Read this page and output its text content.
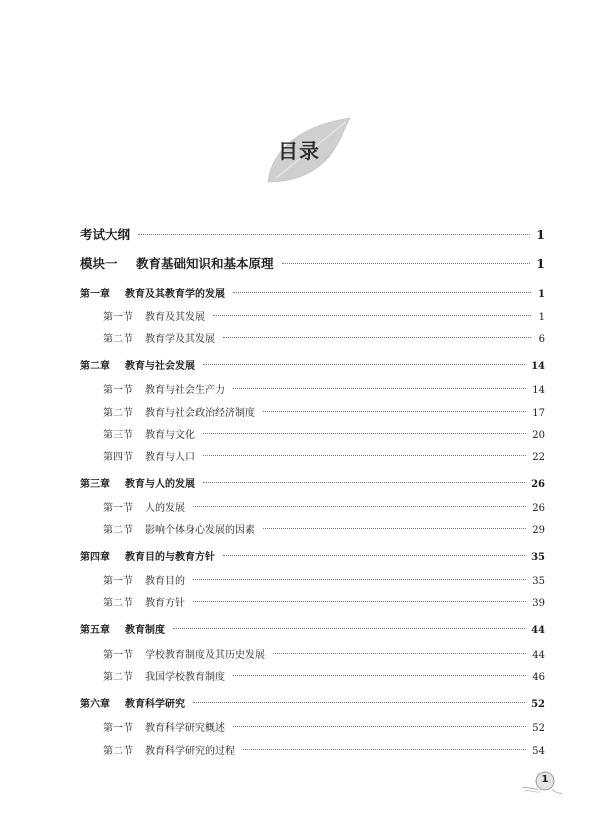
目录
考试大纲	1
模块一 教育基础知识和基本原理	1
第一章 教育及其教育学的发展	1
第一节 教育及其发展	1
第二节 教育学及其发展	6
第二章 教育与社会发展	14
第一节 教育与社会生产力	14
第二节 教育与社会政治经济制度	17
第三节 教育与文化	20
第四节 教育与人口	22
第三章 教育与人的发展	26
第一节 人的发展	26
第二节 影响个体身心发展的因素	29
第四章 教育目的与教育方针	35
第一节 教育目的	35
第二节 教育方针	39
第五章 教育制度	44
第一节 学校教育制度及其历史发展	44
第二节 我国学校教育制度	46
第六章 教育科学研究	52
第一节 教育科学研究概述	52
第二节 教育科学研究的过程	54
1
